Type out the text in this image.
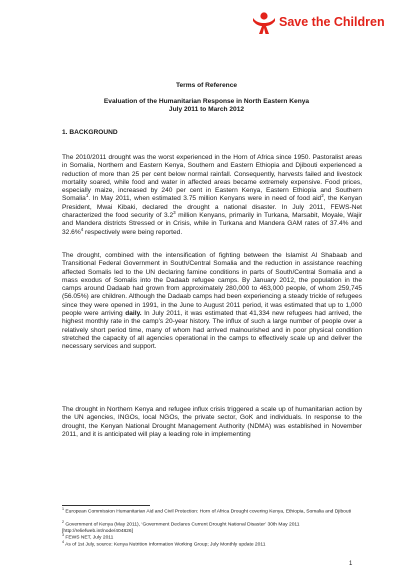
Save the Children
Terms of Reference
Evaluation of the Humanitarian Response in North Eastern Kenya
July 2011 to March 2012
1. BACKGROUND

The 2010/2011 drought was the worst experienced in the Horn of Africa since 1950. Pastoralist areas in Somalia, Northern and Eastern Kenya, Southern and Eastern Ethiopia and Djibouti experienced a reduction of more than 25 per cent below normal rainfall. Consequently, harvests failed and livestock mortality soared, while food and water in affected areas became extremely expensive. Food prices, especially maize, increased by 240 per cent in Eastern Kenya, Eastern Ethiopia and Southern Somalia$^1$. In May 2011, when estimated 3.75 million Kenyans were in need of food aid$^2$, the Kenyan President, Mwai Kibaki, declared the drought a national disaster. In July 2011, FEWS-Net characterized the food security of $3.2^3$ million Kenyans, primarily in Turkana, Marsabit, Moyale, Wajir and Mandera districts Stressed or in Crisis, while in Turkana and Mandera GAM rates of 37.4% and 32.6%$^4$ respectively were being reported.

The drought, combined with the intensification of fighting between the Islamist Al Shabaab and Transitional Federal Government in South/Central Somalia and the reduction in assistance reaching affected Somalis led to the UN declaring famine conditions in parts of South/Central Somalia and a mass exodus of Somalis into the Dadaab refugee camps. By January 2012, the population in the camps around Dadaab had grown from approximately 280,000 to 463,000 people, of whom 259,745 (56.05%) are children. Although the Dadaab camps had been experiencing a steady trickle of refugees since they were opened in 1991, in the June to August 2011 period, it was estimated that up to 1,000 people were arriving daily. In July 2011, it was estimated that 41,334 new refugees had arrived, the highest monthly rate in the camp’s 20-year history. The influx of such a large number of people over a relatively short period time, many of whom had arrived malnourished and in poor physical condition stretched the capacity of all agencies operational in the camps to effectively scale up and deliver the necessary services and support.

The drought in Northern Kenya and refugee influx crisis triggered a scale up of humanitarian action by the UN agencies, INGOs, local NGOs, the private sector, GoK and individuals. In response to the drought, the Kenyan National Drought Management Authority (NDMA) was established in November 2011, and it is anticipated will play a leading role in implementing

$^1$ European Commission Humanitarian Aid and Civil Protection: Horn of Africa Drought covering Kenya, Ethiopia, Somalia and Djibouti

$^2$ Government of Kenya (May 2011), ‘Government Declares Current Drought National Disaster’ 30th May 2011 [http://reliefweb.int/node/404826]

$^3$ FEWS NET, July 2011

$^4$ As of 1st July, source: Kenya Nutrition Information Working Group; July Monthly update 2011

1
